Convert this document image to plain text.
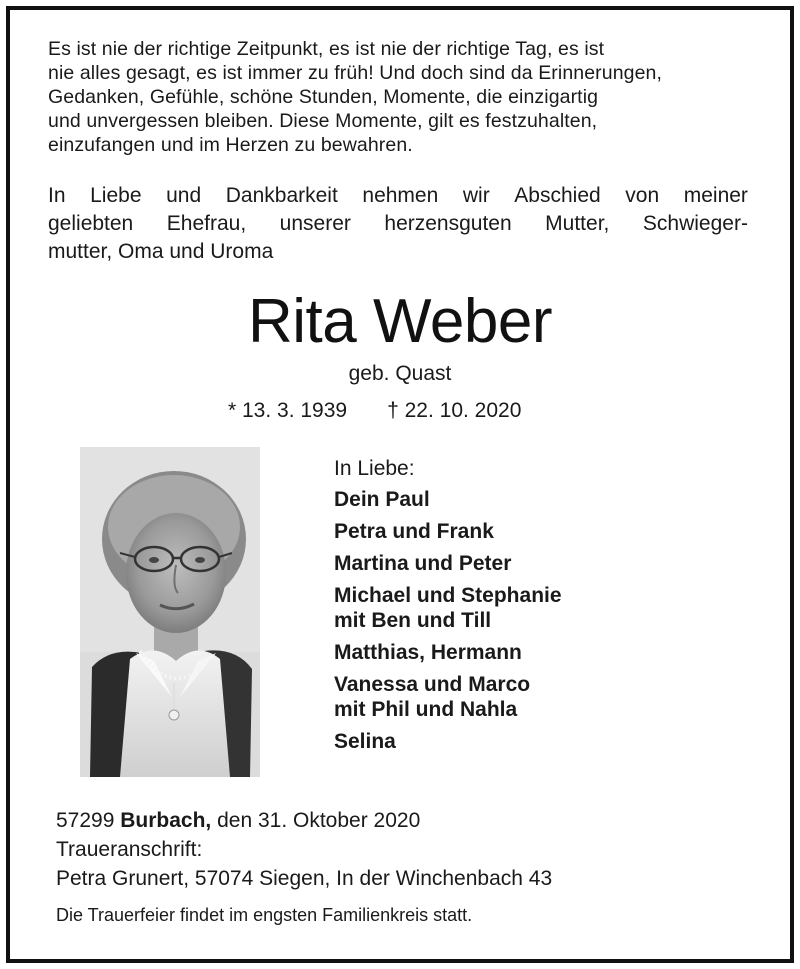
Es ist nie der richtige Zeitpunkt, es ist nie der richtige Tag, es ist
nie alles gesagt, es ist immer zu früh! Und doch sind da Erinnerungen,
Gedanken, Gefühle, schöne Stunden, Momente, die einzigartig
und unvergessen bleiben. Diese Momente, gilt es festzuhalten,
einzufangen und im Herzen zu bewahren.
In Liebe und Dankbarkeit nehmen wir Abschied von meiner
geliebten Ehefrau, unserer herzensguten Mutter, Schwieger-
mutter, Oma und Uroma
Rita Weber
geb. Quast
* 13. 3. 1939 † 22. 10. 2020
In Liebe:
Dein Paul
Petra und Frank
Martina und Peter
Michael und Stephanie
mit Ben und Till
Matthias, Hermann
Vanessa und Marco
mit Phil und Nahla
Selina
57299 Burbach, den 31. Oktober 2020
Traueranschrift:
Petra Grunert, 57074 Siegen, In der Winchenbach 43
Die Trauerfeier findet im engsten Familienkreis statt.
